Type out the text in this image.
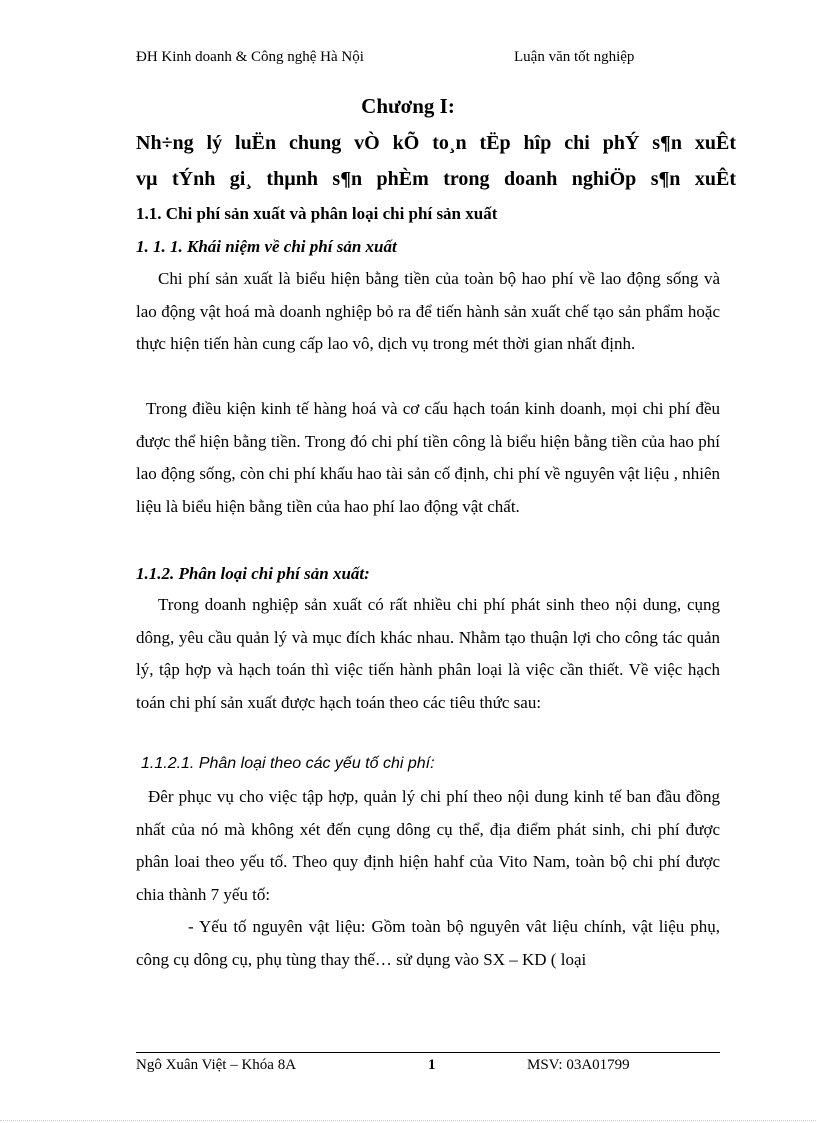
ĐH Kinh doanh & Công nghệ Hà Nội	Luận văn tốt nghiệp
Chương I:
Nh÷ng lý luËn chung vÒ kÕ to¸n tËp hîp chi phÝ s¶n xuÊt
vµ tÝnh gi¸ thµnh s¶n phÈm trong doanh nghiÖp s¶n xuÊt
1.1. Chi phí sản xuất và phân loại chi phí sản xuất
1. 1. 1. Khái niệm về chi phí sản xuất
Chi phí sản xuất là biểu hiện bằng tiền của toàn bộ hao phí về lao động sống và lao động vật hoá mà doanh nghiệp bỏ ra để tiến hành sản xuất chế tạo sản phẩm hoặc thực hiện tiến hàn cung cấp lao vô, dịch vụ trong mét thời gian nhất định.
Trong điều kiện kinh tế hàng hoá và cơ cấu hạch toán kinh doanh, mọi chi phí đều được thể hiện bằng tiền. Trong đó chi phí tiền công là biểu hiện bằng tiền của hao phí lao động sống, còn chi phí khấu hao tài sản cố định, chi phí về nguyên vật liệu , nhiên liệu là biểu hiện bằng tiền của hao phí lao động vật chất.
1.1.2. Phân loại chi phí sản xuất:
Trong doanh nghiệp sản xuất có rất nhiều chi phí phát sinh theo nội dung, cụng dông, yêu cầu quản lý và mục đích khác nhau. Nhằm tạo thuận lợi cho công tác quản lý, tập hợp và hạch toán thì việc tiến hành phân loại là việc cần thiết. Về việc hạch toán chi phí sản xuất được hạch toán theo các tiêu thức sau:
1.1.2.1. Phân loại theo các yếu tố chi phí:
Đêr phục vụ cho việc tập hợp, quản lý chi phí theo nội dung kinh tế ban đầu đồng nhất của nó mà không xét đến cụng dông cụ thể, địa điểm phát sinh, chi phí được phân loai theo yếu tố. Theo quy định hiện hahf của Vito Nam, toàn bộ chi phí được chia thành 7 yếu tố:
- Yếu tố nguyên vật liệu: Gồm toàn bộ nguyên vât liệu chính, vật liệu phụ, công cụ dông cụ, phụ tùng thay thế… sử dụng vào SX – KD ( loại
Ngô Xuân Việt – Khóa 8A	1	MSV: 03A01799
